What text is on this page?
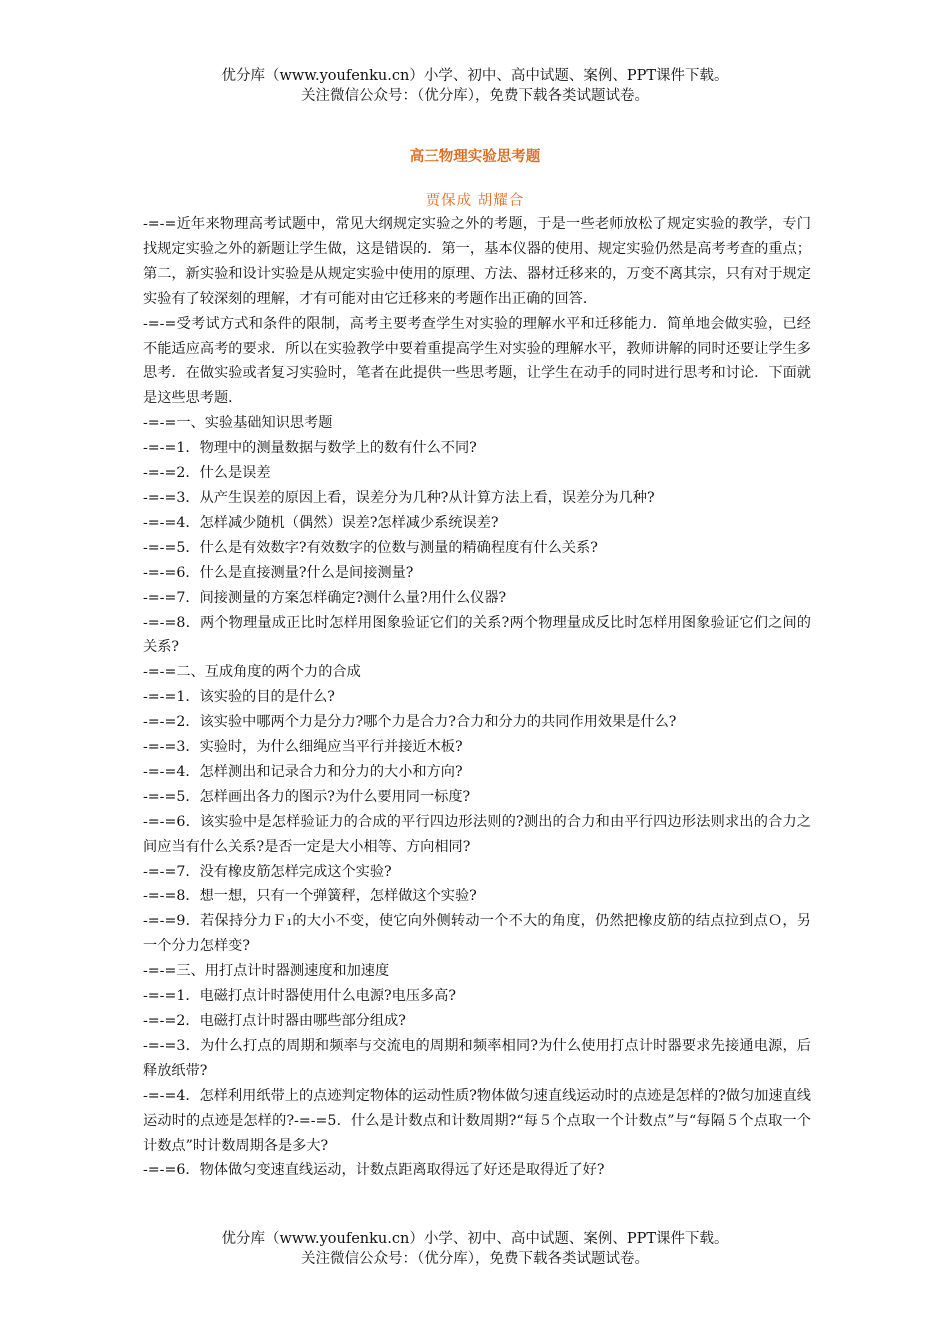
优分库（www.youfenku.cn）小学、初中、高中试题、案例、PPT课件下载。
关注微信公众号：（优分库），免费下载各类试题试卷。
高三物理实验思考题
贾保成 胡耀合

-=-=近年来物理高考试题中，常见大纲规定实验之外的考题，于是一些老师放松了规定实验的教学，专门找规定实验之外的新题让学生做，这是错误的．第一，基本仪器的使用、规定实验仍然是高考考查的重点；第二，新实验和设计实验是从规定实验中使用的原理、方法、器材迁移来的，万变不离其宗，只有对于规定实验有了较深刻的理解，才有可能对由它迁移来的考题作出正确的回答．

-=-=受考试方式和条件的限制，高考主要考查学生对实验的理解水平和迁移能力．简单地会做实验，已经不能适应高考的要求．所以在实验教学中要着重提高学生对实验的理解水平，教师讲解的同时还要让学生多思考．在做实验或者复习实验时，笔者在此提供一些思考题，让学生在动手的同时进行思考和讨论．下面就是这些思考题．

-=-=一、实验基础知识思考题

-=-=1．物理中的测量数据与数学上的数有什么不同?

-=-=2．什么是误差

-=-=3．从产生误差的原因上看，误差分为几种?从计算方法上看，误差分为几种?

-=-=4．怎样减少随机（偶然）误差?怎样减少系统误差?

-=-=5．什么是有效数字?有效数字的位数与测量的精确程度有什么关系?

-=-=6．什么是直接测量?什么是间接测量?

-=-=7．间接测量的方案怎样确定?测什么量?用什么仪器?

-=-=8．两个物理量成正比时怎样用图象验证它们的关系?两个物理量成反比时怎样用图象验证它们之间的关系?

-=-=二、互成角度的两个力的合成

-=-=1．该实验的目的是什么?

-=-=2．该实验中哪两个力是分力?哪个力是合力?合力和分力的共同作用效果是什么?

-=-=3．实验时，为什么细绳应当平行并接近木板?

-=-=4．怎样测出和记录合力和分力的大小和方向?

-=-=5．怎样画出各力的图示?为什么要用同一标度?

-=-=6．该实验中是怎样验证力的合成的平行四边形法则的?测出的合力和由平行四边形法则求出的合力之间应当有什么关系?是否一定是大小相等、方向相同?

-=-=7．没有橡皮筋怎样完成这个实验?

-=-=8．想一想，只有一个弹簧秤，怎样做这个实验?

-=-=9．若保持分力Ｆ₁的大小不变，使它向外侧转动一个不大的角度，仍然把橡皮筋的结点拉到点Ｏ，另一个分力怎样变?

-=-=三、用打点计时器测速度和加速度

-=-=1．电磁打点计时器使用什么电源?电压多高?

-=-=2．电磁打点计时器由哪些部分组成?

-=-=3．为什么打点的周期和频率与交流电的周期和频率相同?为什么使用打点计时器要求先接通电源，后释放纸带?

-=-=4．怎样利用纸带上的点迹判定物体的运动性质?物体做匀速直线运动时的点迹是怎样的?做匀加速直线运动时的点迹是怎样的?-=-=5．什么是计数点和计数周期?“每５个点取一个计数点”与“每隔５个点取一个计数点”时计数周期各是多大?

-=-=6．物体做匀变速直线运动，计数点距离取得远了好还是取得近了好?

优分库（www.youfenku.cn）小学、初中、高中试题、案例、PPT课件下载。
关注微信公众号：（优分库），免费下载各类试题试卷。
